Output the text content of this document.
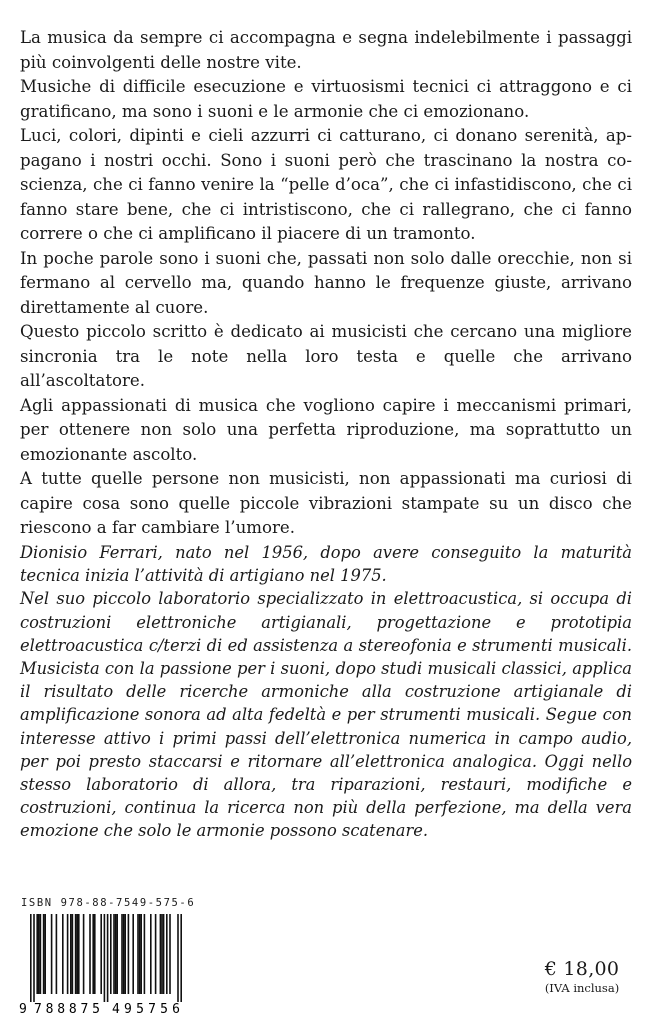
La musica da sempre ci accompagna e segna indelebilmente i passaggi più coinvolgenti delle nostre vite.

Musiche di difficile esecuzione e virtuosismi tecnici ci attraggono e ci gratificano, ma sono i suoni e le armonie che ci emozionano.

Luci, colori, dipinti e cieli azzurri ci catturano, ci donano serenità, appagano i nostri occhi. Sono i suoni però che trascinano la nostra coscienza, che ci fanno venire la “pelle d’oca”, che ci infastidiscono, che ci fanno stare bene, che ci intristiscono, che ci rallegrano, che ci fanno correre o che ci amplificano il piacere di un tramonto.

In poche parole sono i suoni che, passati non solo dalle orecchie, non si fermano al cervello ma, quando hanno le frequenze giuste, arrivano direttamente al cuore.

Questo piccolo scritto è dedicato ai musicisti che cercano una migliore sincronia tra le note nella loro testa e quelle che arrivano all’ascoltatore.

Agli appassionati di musica che vogliono capire i meccanismi primari, per ottenere non solo una perfetta riproduzione, ma soprattutto un emozionante ascolto.

A tutte quelle persone non musicisti, non appassionati ma curiosi di capire cosa sono quelle piccole vibrazioni stampate su un disco che riescono a far cambiare l’umore.

Dionisio Ferrari, nato nel 1956, dopo avere conseguito la maturità tecnica inizia l’attività di artigiano nel 1975.

Nel suo piccolo laboratorio specializzato in elettroacustica, si occupa di costruzioni elettroniche artigianali, progettazione e prototipia elettroacustica c/terzi di ed assistenza a stereofonia e strumenti musicali. Musicista con la passione per i suoni, dopo studi musicali classici, applica il risultato delle ricerche armoniche alla costruzione artigianale di amplificazione sonora ad alta fedeltà e per strumenti musicali. Segue con interesse attivo i primi passi dell’elettronica numerica in campo audio, per poi presto staccarsi e ritornare all’elettronica analogica. Oggi nello stesso laboratorio di allora, tra riparazioni, restauri, modifiche e costruzioni, continua la ricerca non più della perfezione, ma della vera emozione che solo le armonie possono scatenare.

ISBN 978-88-7549-575-6
9 788875 495756
€ 18,00
(IVA inclusa)
